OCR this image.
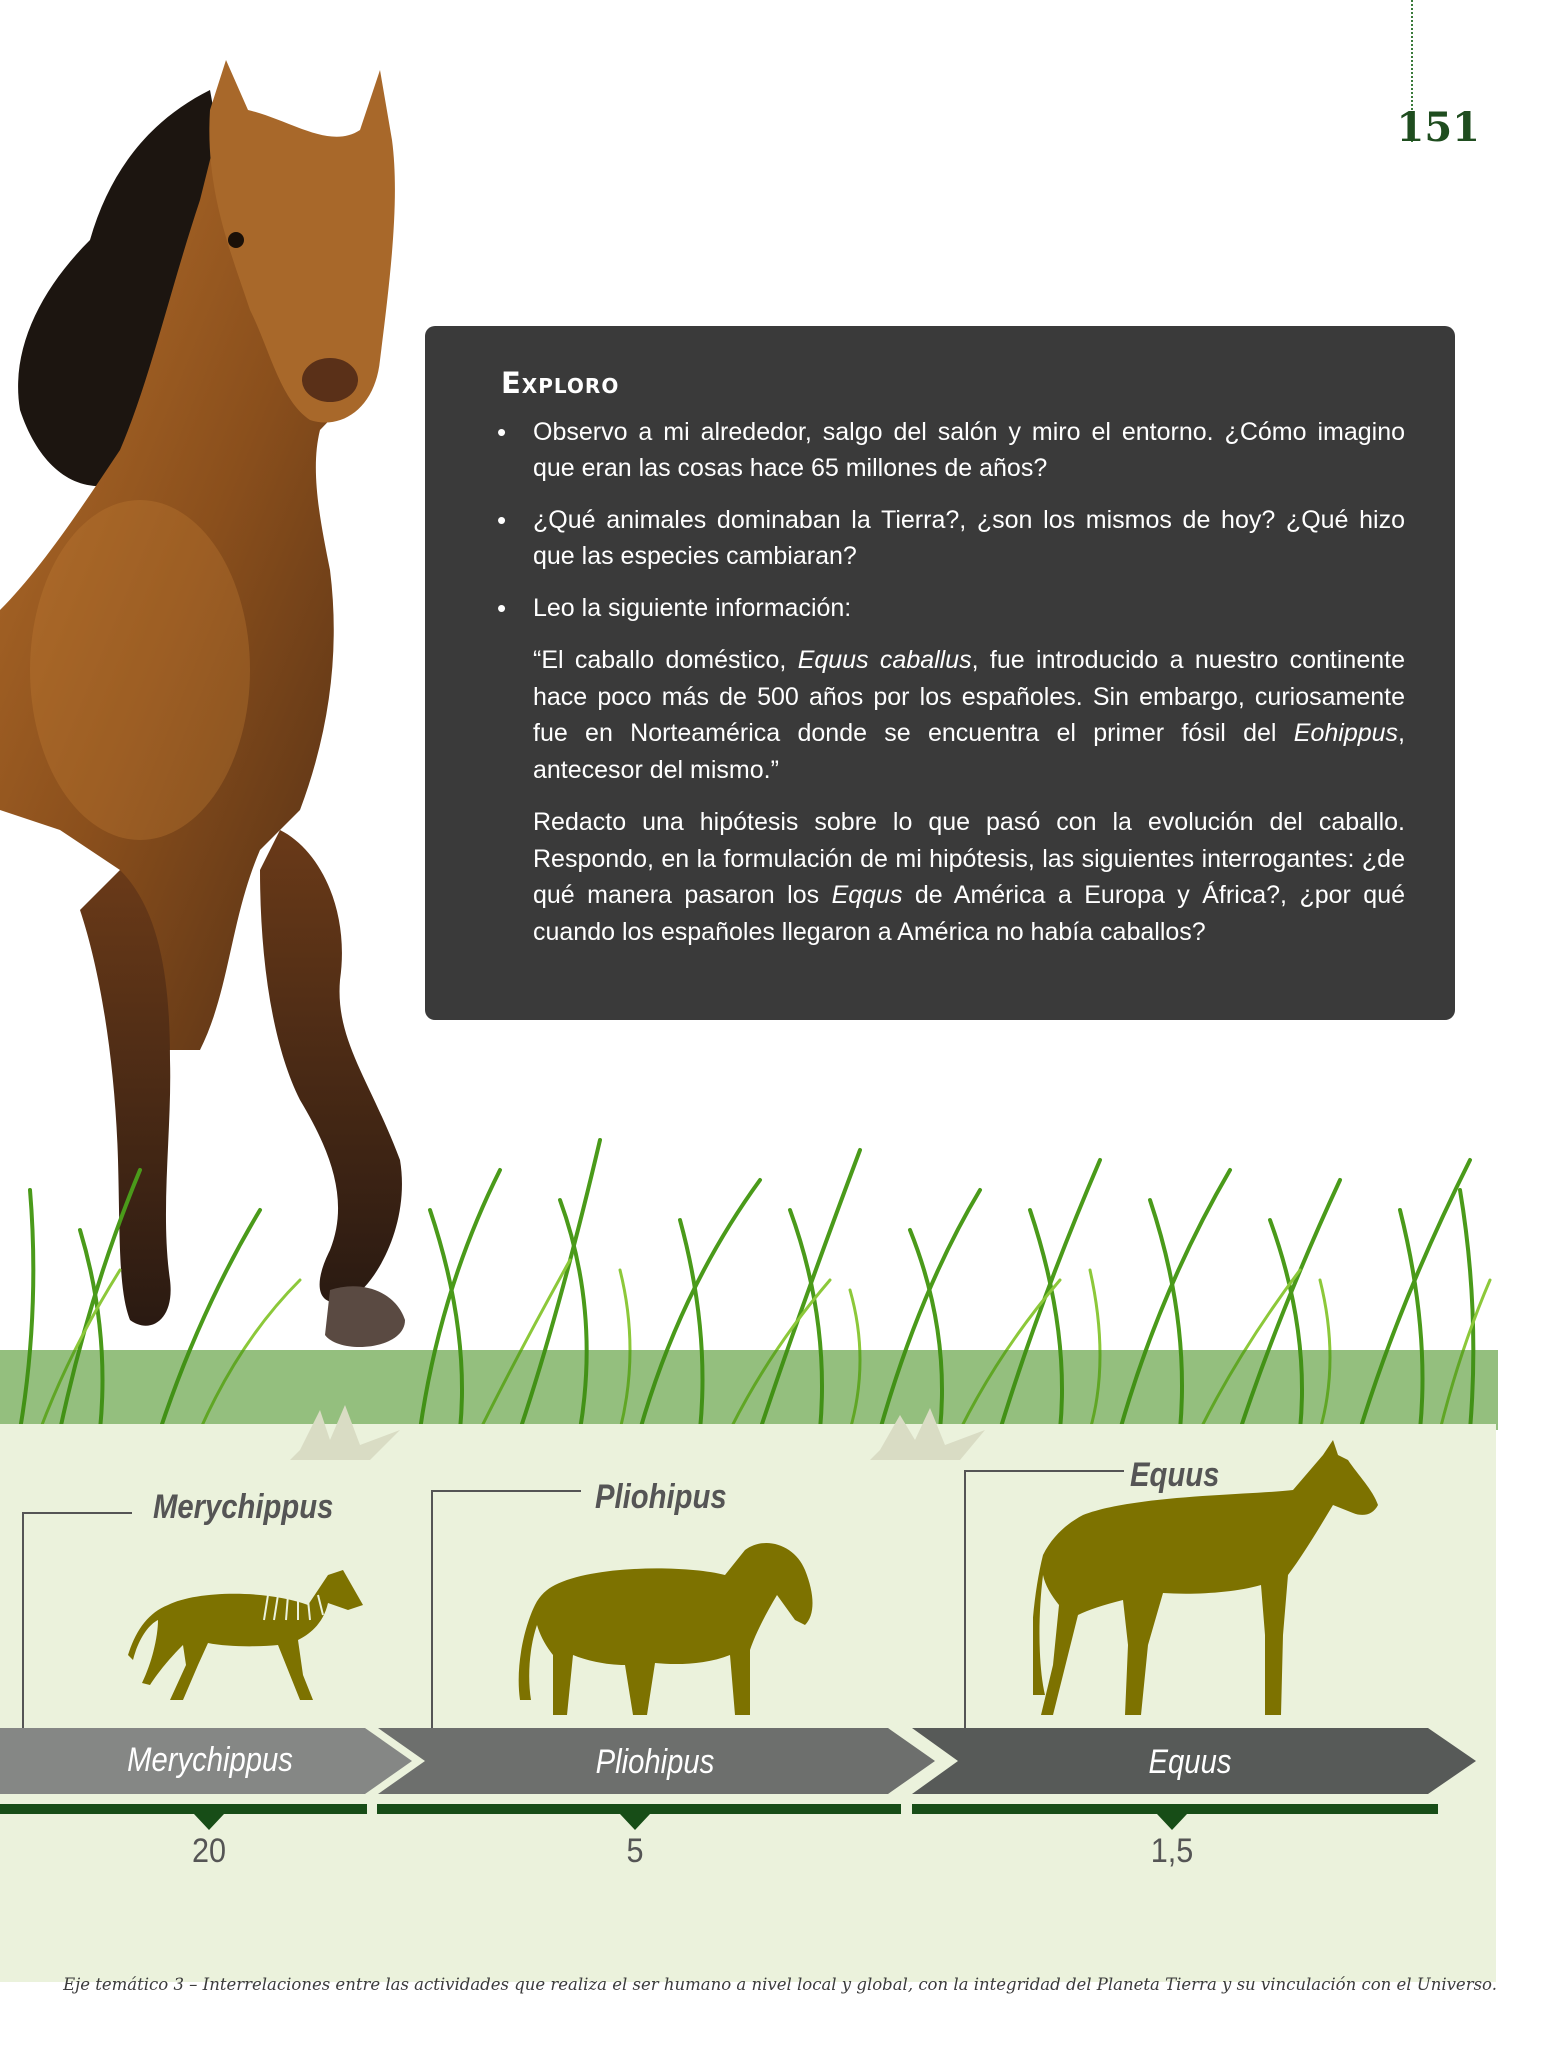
151
Exploro
• Observo a mi alrededor, salgo del salón y miro el entorno. ¿Cómo imagino que eran las cosas hace 65 millones de años?
• ¿Qué animales dominaban la Tierra?, ¿son los mismos de hoy? ¿Qué hizo que las especies cambiaran?
• Leo la siguiente información:

“El caballo doméstico, Equus caballus, fue introducido a nuestro continente hace poco más de 500 años por los españoles. Sin embargo, curiosamente fue en Norteamérica donde se encuentra el primer fósil del Eohippus, antecesor del mismo.”

Redacto una hipótesis sobre lo que pasó con la evolución del caballo. Respondo, en la formulación de mi hipótesis, las siguientes interrogantes: ¿de qué manera pasaron los Eqqus de América a Europa y África?, ¿por qué cuando los españoles llegaron a América no había caballos?

Merychippus	Pliohipus
Equus
Merychippus	Pliohipus	Equus
20	5	1,5
Eje temático 3 – Interrelaciones entre las actividades que realiza el ser humano a nivel local y global, con la integridad del Planeta Tierra y su vinculación con el Universo.
